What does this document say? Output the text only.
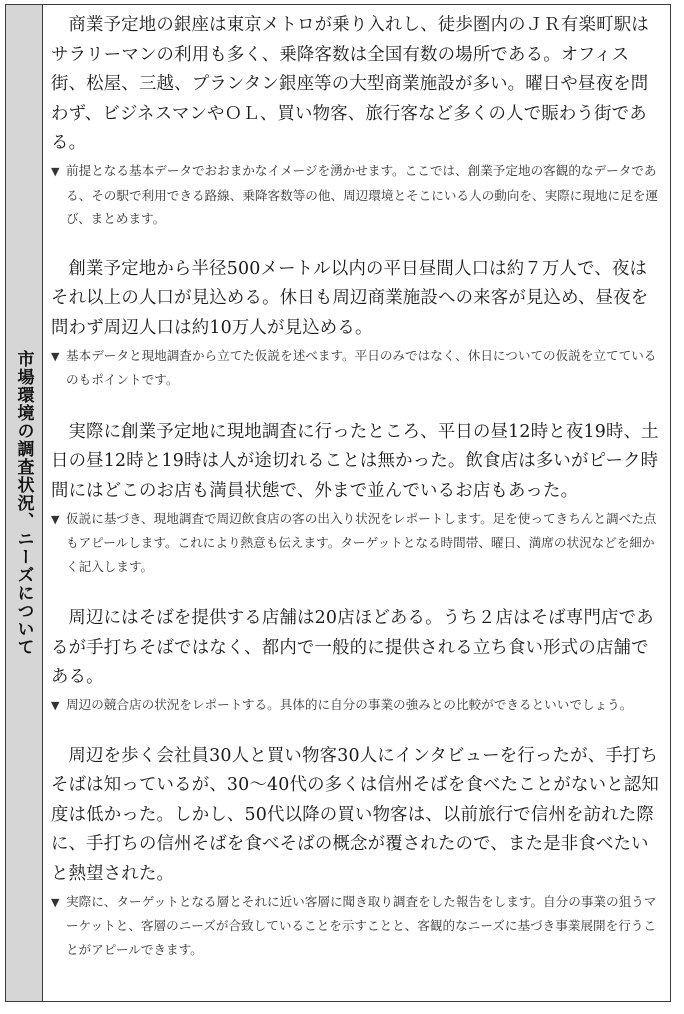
市場環境の調査状況、ニーズについて

商業予定地の銀座は東京メトロが乗り入れし、徒歩圏内のＪＲ有楽町駅はサラリーマンの利用も多く、乗降客数は全国有数の場所である。オフィス街、松屋、三越、プランタン銀座等の大型商業施設が多い。曜日や昼夜を問わず、ビジネスマンやＯＬ、買い物客、旅行客など多くの人で賑わう街である。

▼ 前提となる基本データでおおまかなイメージを湧かせます。ここでは、創業予定地の客観的なデータである、その駅で利用できる路線、乗降客数等の他、周辺環境とそこにいる人の動向を、実際に現地に足を運び、まとめます。

創業予定地から半径500メートル以内の平日昼間人口は約７万人で、夜はそれ以上の人口が見込める。休日も周辺商業施設への来客が見込め、昼夜を問わず周辺人口は約10万人が見込める。

▼ 基本データと現地調査から立てた仮説を述べます。平日のみではなく、休日についての仮説を立てているのもポイントです。

実際に創業予定地に現地調査に行ったところ、平日の昼12時と夜19時、土日の昼12時と19時は人が途切れることは無かった。飲食店は多いがピーク時間にはどこのお店も満員状態で、外まで並んでいるお店もあった。

▼ 仮説に基づき、現地調査で周辺飲食店の客の出入り状況をレポートします。足を使ってきちんと調べた点もアピールします。これにより熱意も伝えます。ターゲットとなる時間帯、曜日、満席の状況などを細かく記入します。

周辺にはそばを提供する店舗は20店ほどある。うち２店はそば専門店であるが手打ちそばではなく、都内で一般的に提供される立ち食い形式の店舗である。

▼ 周辺の競合店の状況をレポートする。具体的に自分の事業の強みとの比較ができるといいでしょう。

周辺を歩く会社員30人と買い物客30人にインタビューを行ったが、手打ちそばは知っているが、30〜40代の多くは信州そばを食べたことがないと認知度は低かった。しかし、50代以降の買い物客は、以前旅行で信州を訪れた際に、手打ちの信州そばを食べそばの概念が覆されたので、また是非食べたいと熱望された。

▼ 実際に、ターゲットとなる層とそれに近い客層に聞き取り調査をした報告をします。自分の事業の狙うマーケットと、客層のニーズが合致していることを示すことと、客観的なニーズに基づき事業展開を行うことがアピールできます。
